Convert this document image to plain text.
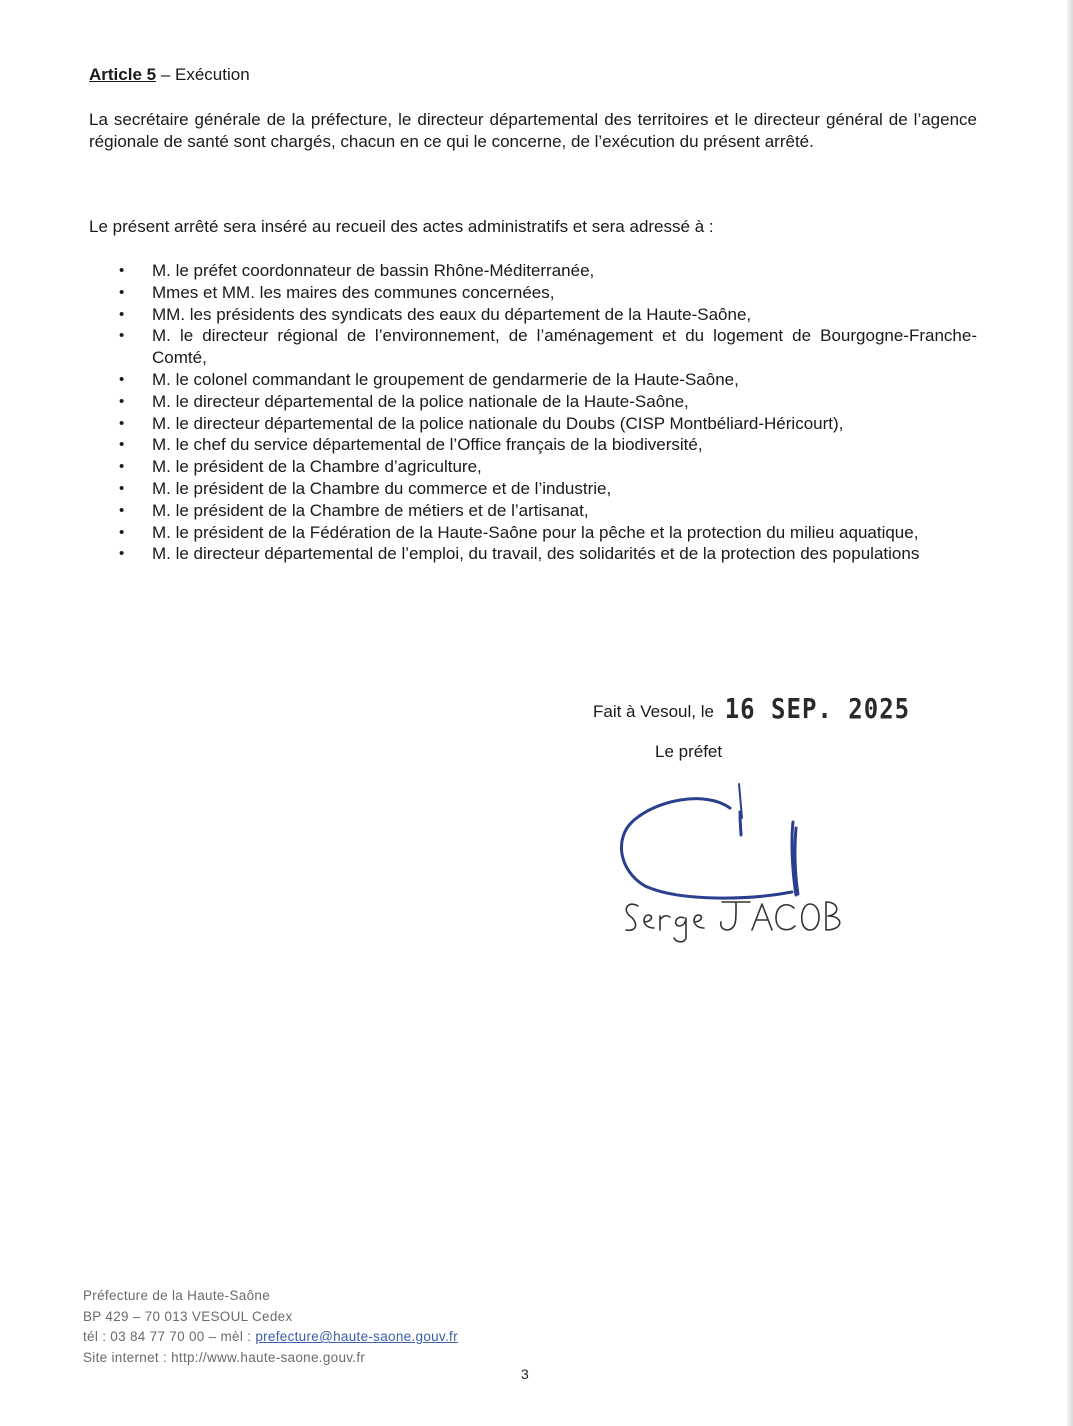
Article 5 – Exécution

La secrétaire générale de la préfecture, le directeur départemental des territoires et le directeur général de l’agence régionale de santé sont chargés, chacun en ce qui le concerne, de l’exécution du présent arrêté.

Le présent arrêté sera inséré au recueil des actes administratifs et sera adressé à :

• M. le préfet coordonnateur de bassin Rhône-Méditerranée,
• Mmes et MM. les maires des communes concernées,
• MM. les présidents des syndicats des eaux du département de la Haute-Saône,
• M. le directeur régional de l’environnement, de l’aménagement et du logement de Bourgogne-Franche-Comté,
• M. le colonel commandant le groupement de gendarmerie de la Haute-Saône,
• M. le directeur départemental de la police nationale de la Haute-Saône,
• M. le directeur départemental de la police nationale du Doubs (CISP Montbéliard-Héricourt),
• M. le chef du service départemental de l’Office français de la biodiversité,
• M. le président de la Chambre d’agriculture,
• M. le président de la Chambre du commerce et de l’industrie,
• M. le président de la Chambre de métiers et de l’artisanat,
• M. le président de la Fédération de la Haute-Saône pour la pêche et la protection du milieu aquatique,
• M. le directeur départemental de l’emploi, du travail, des solidarités et de la protection des populations
Fait à Vesoul, le 16 SEP. 2025
Le préfet
Serge JACOB
Préfecture de la Haute-Saône
BP 429 – 70 013 VESOUL Cedex
tél : 03 84 77 70 00 – mèl : prefecture@haute-saone.gouv.fr
Site internet : http://www.haute-saone.gouv.fr
3
